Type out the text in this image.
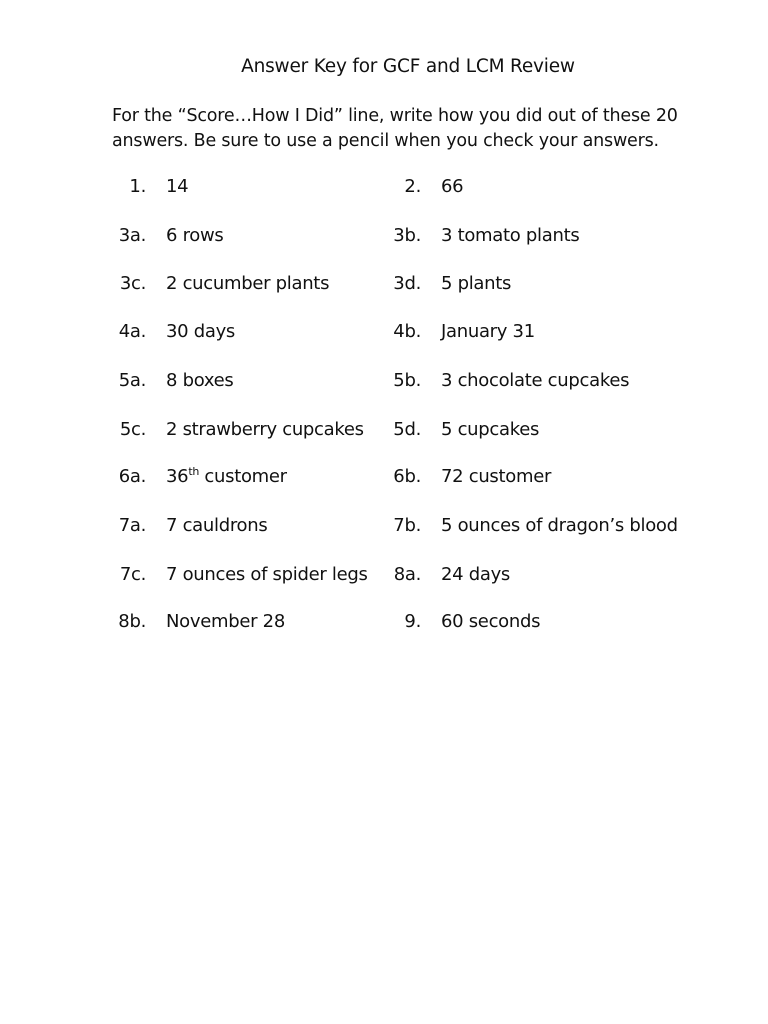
Answer Key for GCF and LCM Review
For the “Score…How I Did” line, write how you did out of these 20
answers. Be sure to use a pencil when you check your answers.
1. 14	2. 66
3a. 6 rows	3b. 3 tomato plants
3c. 2 cucumber plants	3d. 5 plants
4a. 30 days	4b. January 31
5a. 8 boxes	5b. 3 chocolate cupcakes
5c. 2 strawberry cupcakes 5d. 5 cupcakes
6a. 36th customer	6b. 72 customer
7a. 7 cauldrons	7b. 5 ounces of dragon’s blood
7c. 7 ounces of spider legs 8a. 24 days
8b. November 28	9. 60 seconds
